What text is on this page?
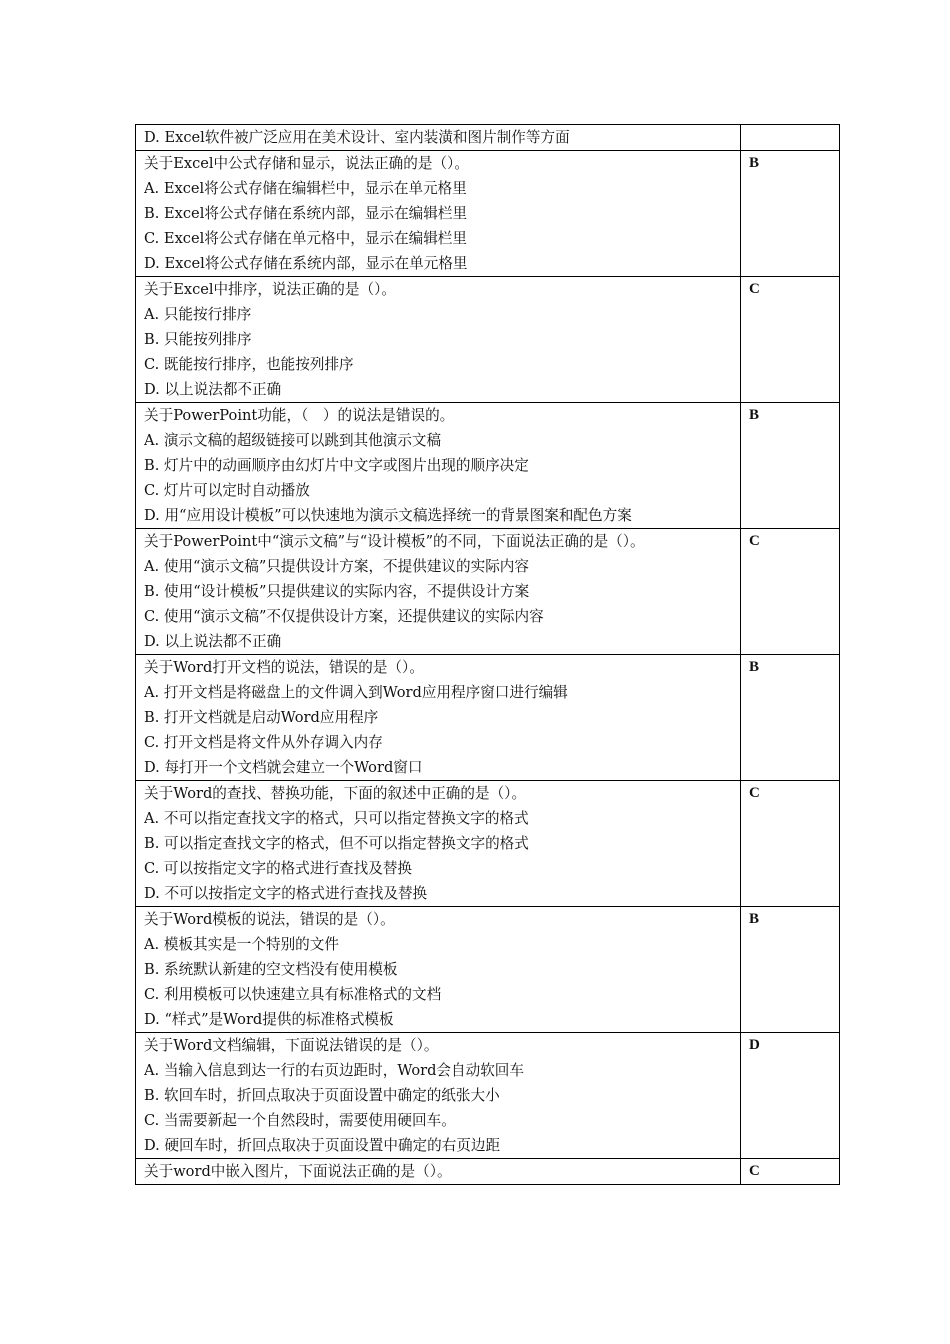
D. Excel软件被广泛应用在美术设计、室内装潢和图片制作等方面	

关于Excel中公式存储和显示，说法正确的是（）。
A. Excel将公式存储在编辑栏中，显示在单元格里
B. Excel将公式存储在系统内部，显示在编辑栏里
C. Excel将公式存储在单元格中，显示在编辑栏里
D. Excel将公式存储在系统内部，显示在单元格里	B

关于Excel中排序，说法正确的是（）。
A. 只能按行排序
B. 只能按列排序
C. 既能按行排序，也能按列排序
D. 以上说法都不正确	C

关于PowerPoint功能，（　）的说法是错误的。
A. 演示文稿的超级链接可以跳到其他演示文稿
B. 灯片中的动画顺序由幻灯片中文字或图片出现的顺序决定
C. 灯片可以定时自动播放
D. 用“应用设计模板”可以快速地为演示文稿选择统一的背景图案和配色方案	B

关于PowerPoint中“演示文稿”与“设计模板”的不同，下面说法正确的是（）。
A. 使用“演示文稿”只提供设计方案，不提供建议的实际内容
B. 使用“设计模板”只提供建议的实际内容，不提供设计方案
C. 使用“演示文稿”不仅提供设计方案，还提供建议的实际内容
D. 以上说法都不正确	C

关于Word打开文档的说法，错误的是（）。
A. 打开文档是将磁盘上的文件调入到Word应用程序窗口进行编辑
B. 打开文档就是启动Word应用程序
C. 打开文档是将文件从外存调入内存
D. 每打开一个文档就会建立一个Word窗口	B

关于Word的查找、替换功能，下面的叙述中正确的是（）。
A. 不可以指定查找文字的格式，只可以指定替换文字的格式
B. 可以指定查找文字的格式，但不可以指定替换文字的格式
C. 可以按指定文字的格式进行查找及替换
D. 不可以按指定文字的格式进行查找及替换	C

关于Word模板的说法，错误的是（）。
A. 模板其实是一个特别的文件
B. 系统默认新建的空文档没有使用模板
C. 利用模板可以快速建立具有标准格式的文档
D. “样式”是Word提供的标准格式模板	B

关于Word文档编辑，下面说法错误的是（）。
A. 当输入信息到达一行的右页边距时，Word会自动软回车
B. 软回车时，折回点取决于页面设置中确定的纸张大小
C. 当需要新起一个自然段时，需要使用硬回车。
D. 硬回车时，折回点取决于页面设置中确定的右页边距	D

关于word中嵌入图片，下面说法正确的是（）。	C
